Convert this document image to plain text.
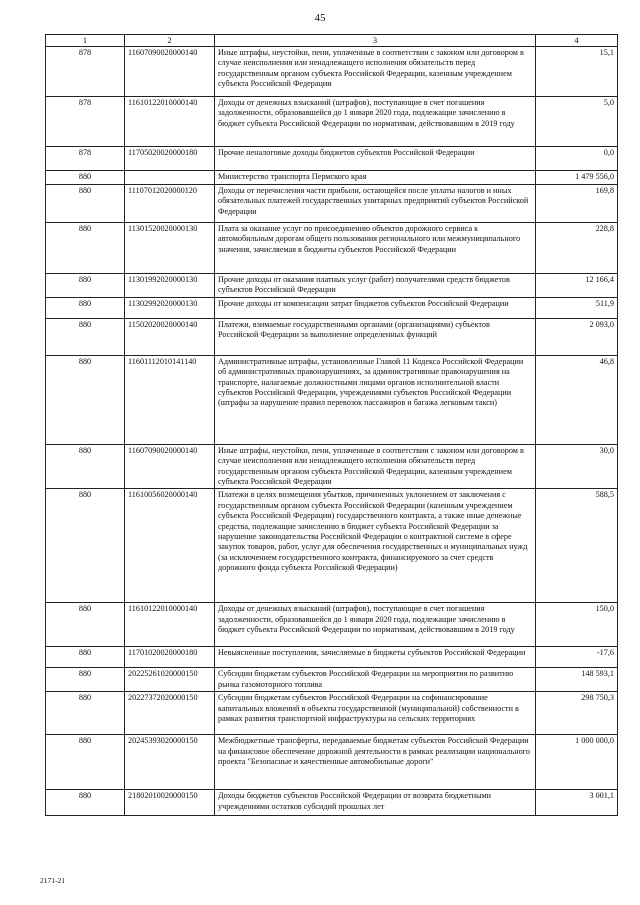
45
1	2	3	4
878	11607090020000140	Иные штрафы, неустойки, пени, уплаченные в соответствии с законом или договором в случае неисполнения или ненадлежащего исполнения обязательств перед государственным органом субъекта Российской Федерации, казенным учреждением субъекта Российской Федерации	15,1
878	11610122010000140	Доходы от денежных взысканий (штрафов), поступающие в счет погашения задолженности, образовавшейся до 1 января 2020 года, подлежащие зачислению в бюджет субъекта Российской Федерации по нормативам, действовавшим в 2019 году	5,0
878	11705020020000180	Прочие неналоговые доходы бюджетов субъектов Российской Федерации	0,0
880		Министерство транспорта Пермского края	1 479 556,0
880	11107012020000120	Доходы от перечисления части прибыли, остающейся после уплаты налогов и иных обязательных платежей государственных унитарных предприятий субъектов Российской Федерации	169,8
880	11301520020000130	Плата за оказание услуг по присоединению объектов дорожного сервиса к автомобильным дорогам общего пользования регионального или межмуниципального значения, зачисляемая в бюджеты субъектов Российской Федерации	228,8
880	11301992020000130	Прочие доходы от оказания платных услуг (работ) получателями средств бюджетов субъектов Российской Федерации	12 166,4
880	11302992020000130	Прочие доходы от компенсации затрат бюджетов субъектов Российской Федерации	511,9
880	11502020020000140	Платежи, взимаемые государственными органами (организациями) субъектов Российской Федерации за выполнение определенных функций	2 093,0
880	11601112010141140	Административные штрафы, установленные Главой 11 Кодекса Российской Федерации об административных правонарушениях, за административные правонарушения на транспорте, налагаемые должностными лицами органов исполнительной власти субъектов Российской Федерации, учреждениями субъектов Российской Федерации (штрафы за нарушение правил перевозок пассажиров и багажа легковым такси)	46,8
880	11607090020000140	Иные штрафы, неустойки, пени, уплаченные в соответствии с законом или договором в случае неисполнения или ненадлежащего исполнения обязательств перед государственным органом субъекта Российской Федерации, казенным учреждением субъекта Российской Федерации	30,0
880	11610056020000140	Платежи в целях возмещения убытков, причиненных уклонением от заключения с государственным органом субъекта Российской Федерации (казенным учреждением субъекта Российской Федерации) государственного контракта, а также иные денежные средства, подлежащие зачислению в бюджет субъекта Российской Федерации за нарушение законодательства Российской Федерации о контрактной системе в сфере закупок товаров, работ, услуг для обеспечения государственных и муниципальных нужд (за исключением государственного контракта, финансируемого за счет средств дорожного фонда субъекта Российской Федерации)	588,5
880	11610122010000140	Доходы от денежных взысканий (штрафов), поступающие в счет погашения задолженности, образовавшейся до 1 января 2020 года, подлежащие зачислению в бюджет субъекта Российской Федерации по нормативам, действовавшим в 2019 году	150,0
880	11701020020000180	Невыясненные поступления, зачисляемые в бюджеты субъектов Российской Федерации	-17,6
880	20225261020000150	Субсидии бюджетам субъектов Российской Федерации на мероприятия по развитию рынка газомоторного топлива	148 593,1
880	20227372020000150	Субсидии бюджетам субъектов Российской Федерации на софинансирование капитальных вложений в объекты государственной (муниципальной) собственности в рамках развития транспортной инфраструктуры на сельских территориях	298 750,3
880	20245393020000150	Межбюджетные трансферты, передаваемые бюджетам субъектов Российской Федерации на финансовое обеспечение дорожной деятельности в рамках реализации национального проекта "Безопасные и качественные автомобильные дороги"	1 000 000,0
880	21802010020000150	Доходы бюджетов субъектов Российской Федерации от возврата бюджетными учреждениями остатков субсидий прошлых лет	3 001,1
2171-21
